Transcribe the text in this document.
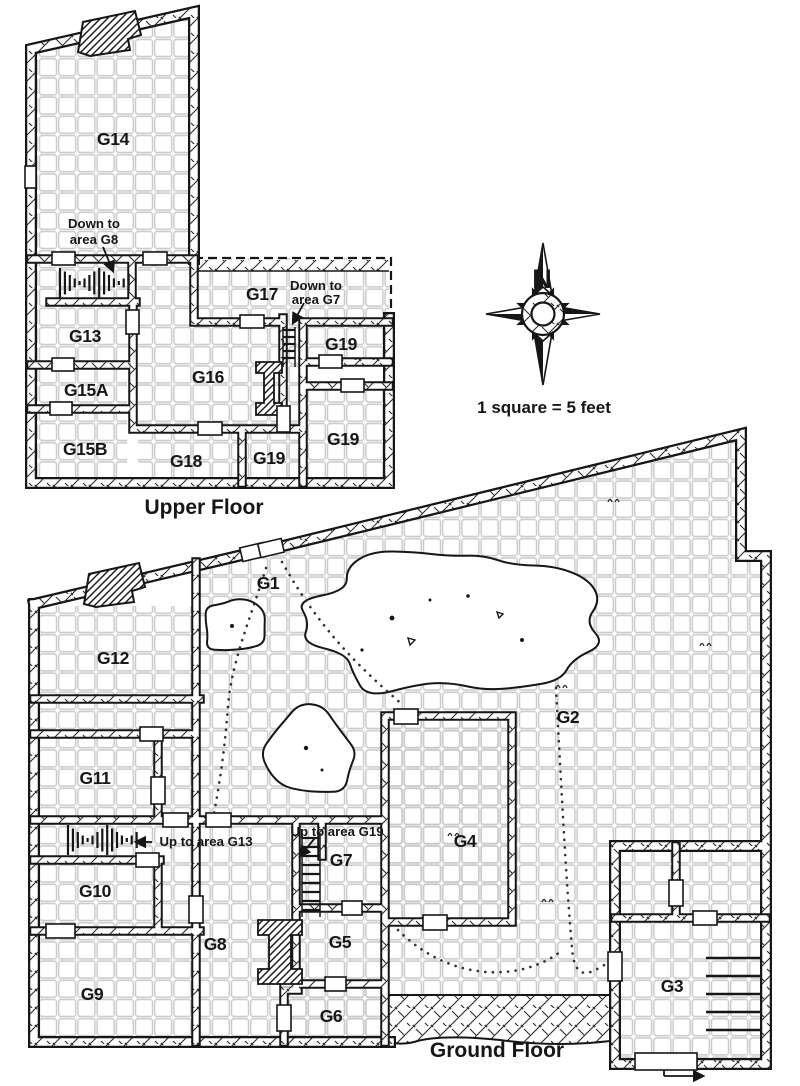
N
G14
G13
G15A
G15B
G16
G17
G19
G19
G18	G19
Down to
area G8
Down to
area G7
Upper Floor
G12
G1
G2
G11
G10
G9
G8
G7
G5
G6
G4
G3
Up to area G13
Up to area G19
Ground Floor
1 square = 5 feet
